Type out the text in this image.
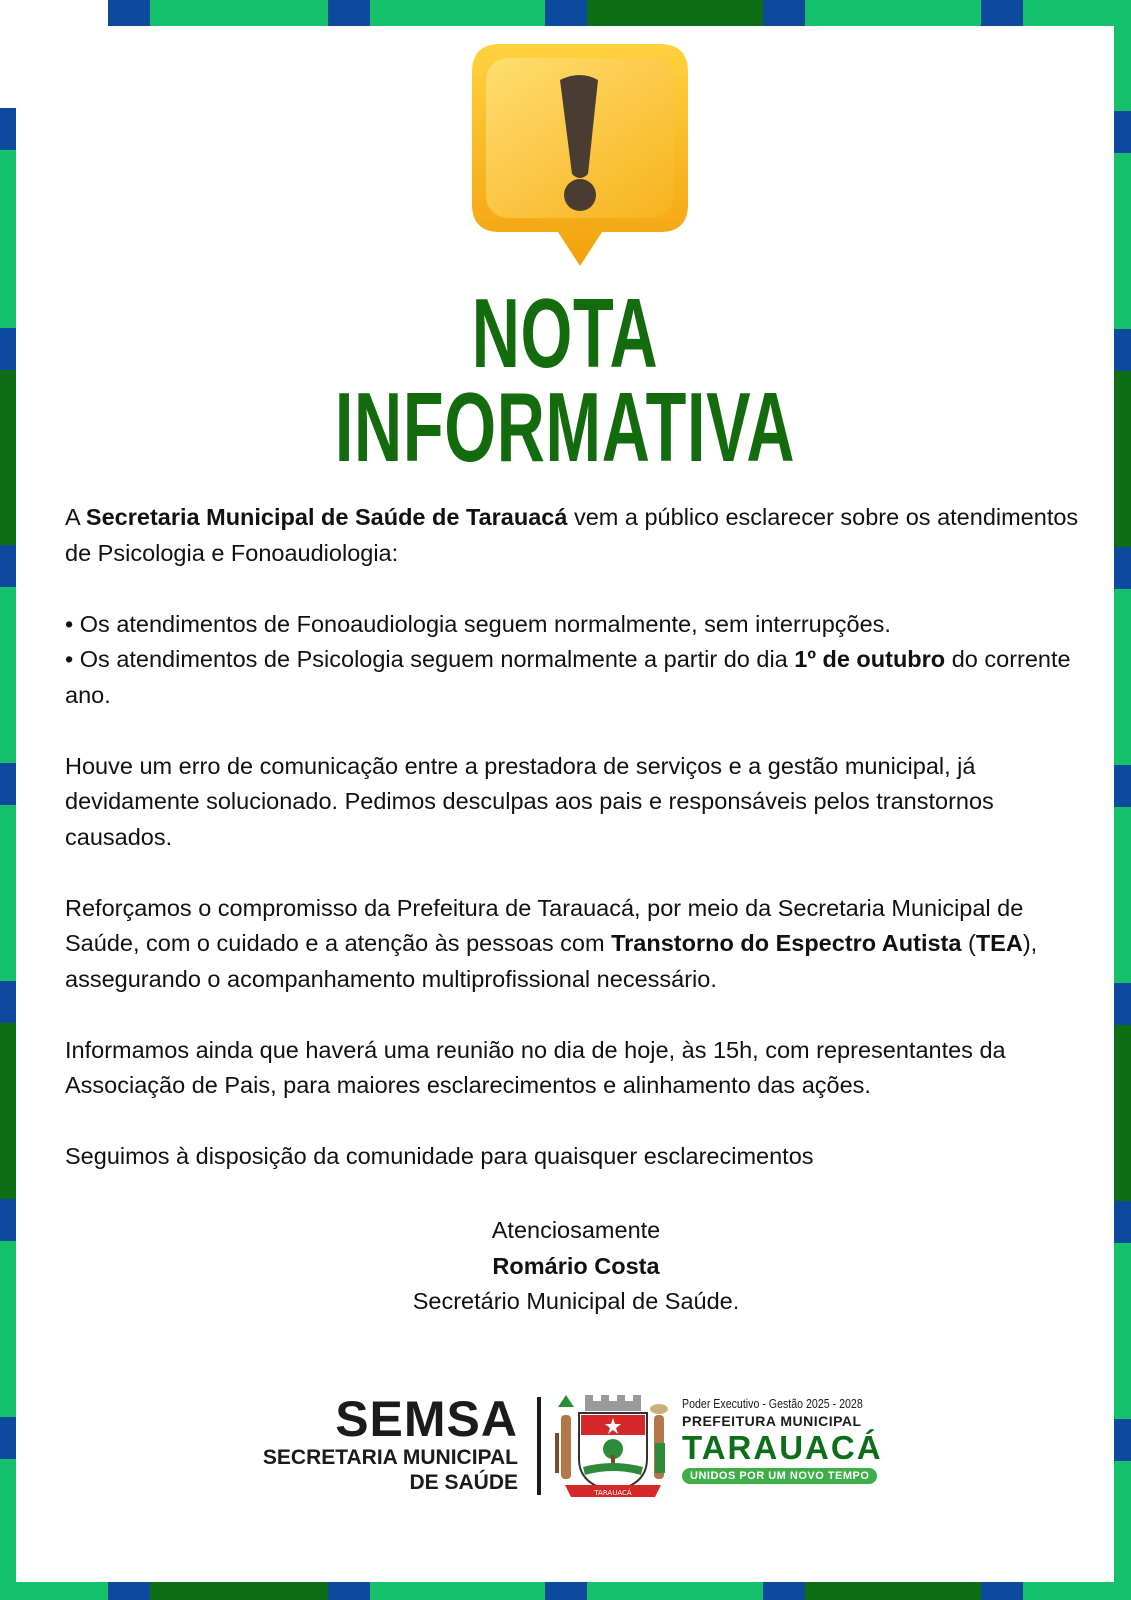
NOTA
INFORMATIVA

A Secretaria Municipal de Saúde de Tarauacá vem a público esclarecer sobre os atendimentos de Psicologia e Fonoaudiologia:

• Os atendimentos de Fonoaudiologia seguem normalmente, sem interrupções.
• Os atendimentos de Psicologia seguem normalmente a partir do dia 1º de outubro do corrente ano.

Houve um erro de comunicação entre a prestadora de serviços e a gestão municipal, já devidamente solucionado. Pedimos desculpas aos pais e responsáveis pelos transtornos causados.

Reforçamos o compromisso da Prefeitura de Tarauacá, por meio da Secretaria Municipal de Saúde, com o cuidado e a atenção às pessoas com Transtorno do Espectro Autista (TEA), assegurando o acompanhamento multiprofissional necessário.

Informamos ainda que haverá uma reunião no dia de hoje, às 15h, com representantes da Associação de Pais, para maiores esclarecimentos e alinhamento das ações.

Seguimos à disposição da comunidade para quaisquer esclarecimentos

Atenciosamente
Romário Costa
Secretário Municipal de Saúde.
SEMSA
SECRETARIA MUNICIPAL
DE SAÚDE	TARAUACÁ
Poder Executivo - Gestão 2025 - 2028
PREFEITURA MUNICIPAL
TARAUACÁ
UNIDOS POR UM NOVO TEMPO
